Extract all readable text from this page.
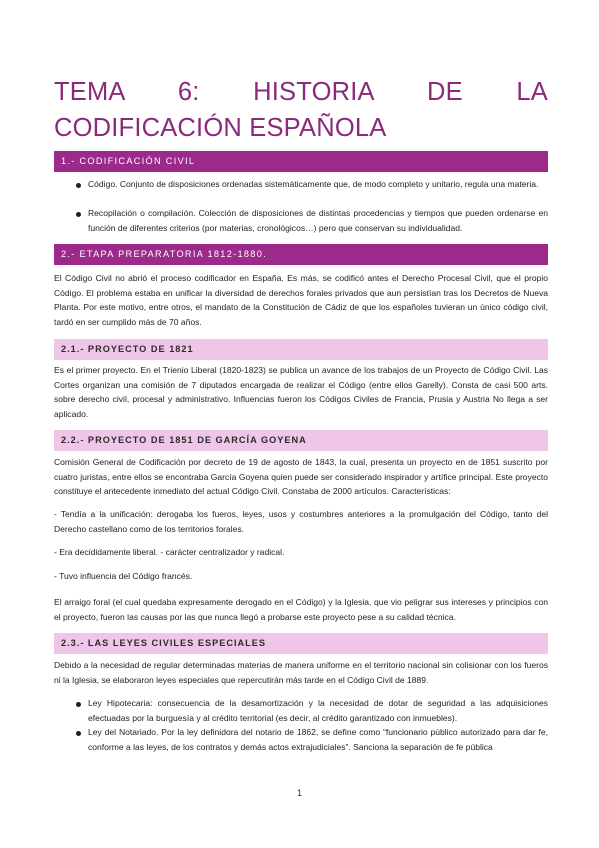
TEMA 6: HISTORIA DE LA CODIFICACIÓN ESPAÑOLA
1.- CODIFICACIÓN CIVIL
Código. Conjunto de disposiciones ordenadas sistemáticamente que, de modo completo y unitario, regula una materia.
Recopilación o compilación. Colección de disposiciones de distintas procedencias y tiempos que pueden ordenarse en función de diferentes criterios (por materias, cronológicos…) pero que conservan su individualidad.
2.- ETAPA PREPARATORIA 1812-1880.
El Código Civil no abrió el proceso codificador en España. Es más, se codificó antes el Derecho Procesal Civil, que el propio Código. El problema estaba en unificar la diversidad de derechos forales privados que aun persistían tras los Decretos de Nueva Planta. Por este motivo, entre otros, el mandato de la Constitución de Cádiz de que los españoles tuvieran un único código civil, tardó en ser cumplido más de 70 años.
2.1.- PROYECTO DE 1821
Es el primer proyecto. En el Trienio Liberal (1820-1823) se publica un avance de los trabajos de un Proyecto de Código Civil. Las Cortes organizan una comisión de 7 diputados encargada de realizar el Código (entre ellos Garelly). Consta de casi 500 arts. sobre derecho civil, procesal y administrativo. Influencias fueron los Códigos Civiles de Francia, Prusia y Austria No llega a ser aplicado.
2.2.- PROYECTO DE 1851 DE GARCÍA GOYENA
Comisión General de Codificación por decreto de 19 de agosto de 1843, la cual, presenta un proyecto en de 1851 suscrito por cuatro juristas, entre ellos se encontraba García Goyena quien puede ser considerado inspirador y artífice principal. Este proyecto constituye el antecedente inmediato del actual Código Civil. Constaba de 2000 artículos. Características:
- Tendía a la unificación: derogaba los fueros, leyes, usos y costumbres anteriores a la promulgación del Código, tanto del Derecho castellano como de los territorios forales.
- Era decididamente liberal. - carácter centralizador y radical.
- Tuvo influencia del Código francés.
El arraigo foral (el cual quedaba expresamente derogado en el Código) y la Iglesia, que vio peligrar sus intereses y principios con el proyecto, fueron las causas por las que nunca llegó a probarse este proyecto pese a su calidad técnica.
2.3.- LAS LEYES CIVILES ESPECIALES
Debido a la necesidad de regular determinadas materias de manera uniforme en el territorio nacional sin colisionar con los fueros ni la Iglesia, se elaboraron leyes especiales que repercutirán más tarde en el Código Civil de 1889.
Ley Hipotecaria: consecuencia de la desamortización y la necesidad de dotar de seguridad a las adquisiciones efectuadas por la burguesía y al crédito territorial (es decir, al crédito garantizado con inmuebles).
Ley del Notariado. Por la ley definidora del notario de 1862, se define como “funcionario público autorizado para dar fe, conforme a las leyes, de los contratos y demás actos extrajudiciales”. Sanciona la separación de fe pública
1
